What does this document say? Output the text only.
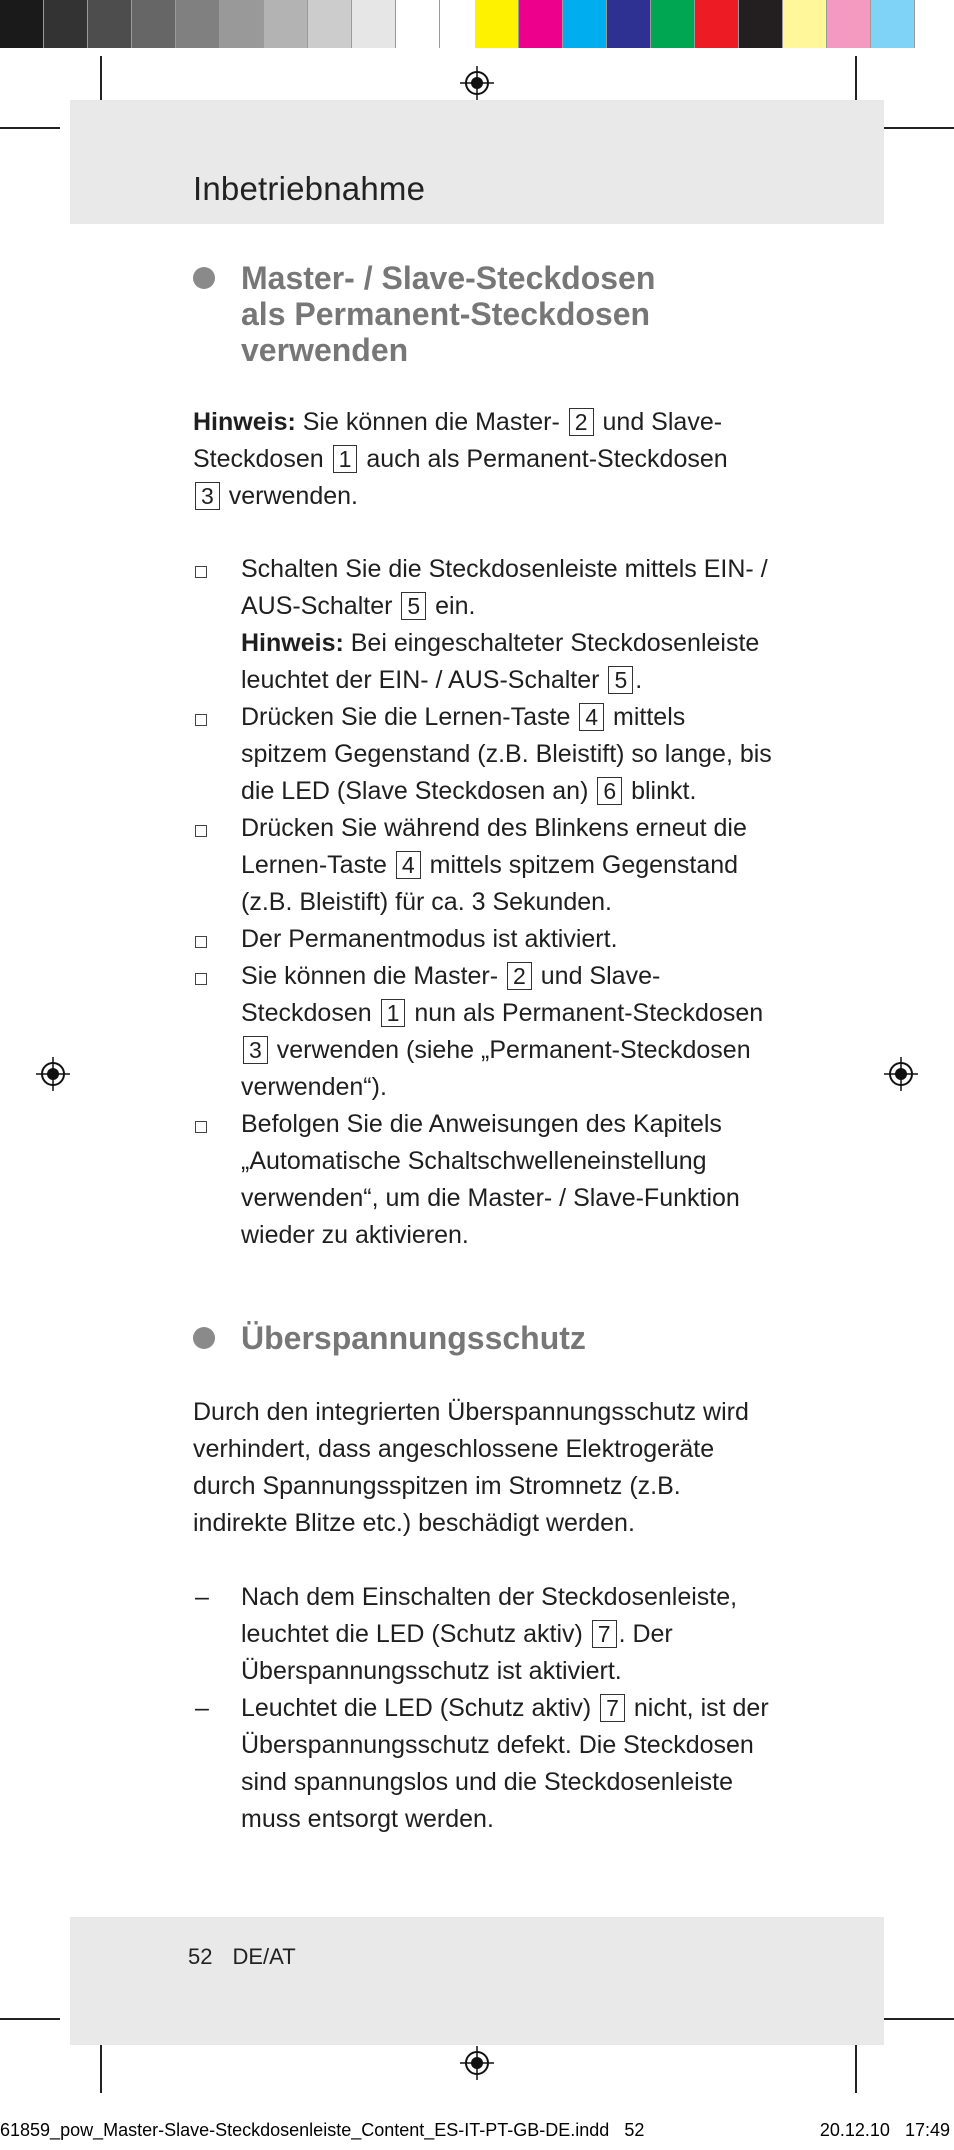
Inbetriebnahme
Master- / Slave-Steckdosen
als Permanent-Steckdosen
verwenden

Hinweis: Sie können die Master- 2 und Slave-Steckdosen 1 auch als Permanent-Steckdosen 3 verwenden.

Schalten Sie die Steckdosenleiste mittels EIN- / AUS-Schalter 5 ein.
Hinweis: Bei eingeschalteter Steckdosenleiste leuchtet der EIN- / AUS-Schalter 5 .
Drücken Sie die Lernen-Taste 4 mittels spitzem Gegenstand (z.B. Bleistift) so lange, bis die LED (Slave Steckdosen an) 6 blinkt.
Drücken Sie während des Blinkens erneut die Lernen-Taste 4 mittels spitzem Gegenstand (z.B. Bleistift) für ca. 3 Sekunden.
Der Permanentmodus ist aktiviert.
Sie können die Master- 2 und Slave-Steckdosen 1 nun als Permanent-Steckdosen 3 verwenden (siehe „Permanent-Steckdosen verwenden“).
Befolgen Sie die Anweisungen des Kapitels „Automatische Schaltschwelleneinstellung verwenden“, um die Master- / Slave-Funktion wieder zu aktivieren.
Überspannungsschutz

Durch den integrierten Überspannungsschutz wird verhindert, dass angeschlossene Elektrogeräte durch Spannungsspitzen im Stromnetz (z.B. indirekte Blitze etc.) beschädigt werden.

– Nach dem Einschalten der Steckdosenleiste, leuchtet die LED (Schutz aktiv) 7 . Der Überspannungsschutz ist aktiviert.
– Leuchtet die LED (Schutz aktiv) 7 nicht, ist der Überspannungsschutz defekt. Die Steckdosen sind spannungslos und die Steckdosenleiste muss entsorgt werden.
52 DE/AT
61859_pow_Master-Slave-Steckdosenleiste_Content_ES-IT-PT-GB-DE.indd   52	20.12.10   17:49
